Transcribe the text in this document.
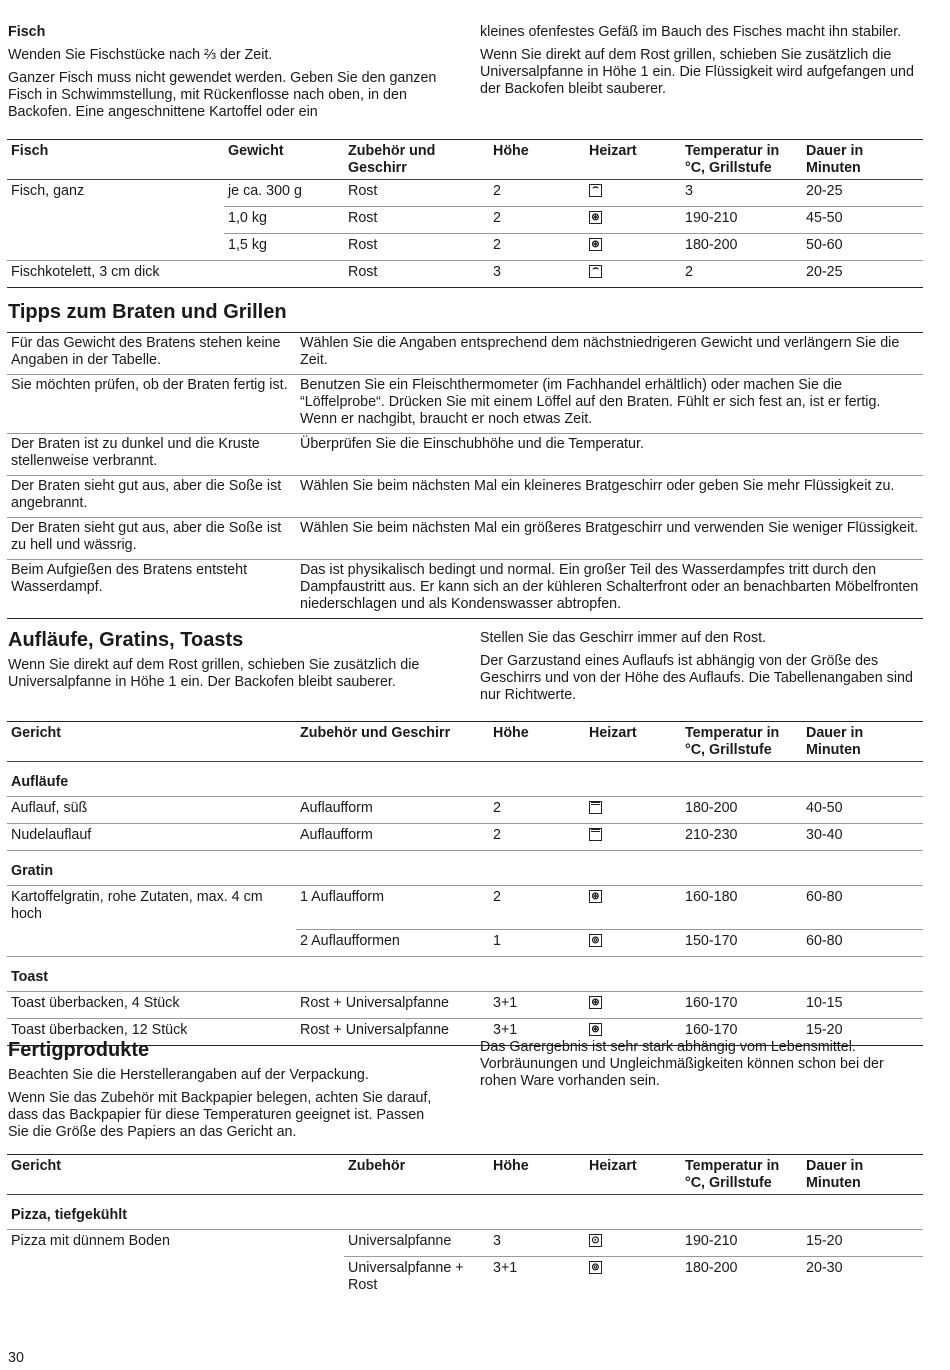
Fisch

Wenden Sie Fischstücke nach ⅔ der Zeit.

Ganzer Fisch muss nicht gewendet werden. Geben Sie den ganzen Fisch in Schwimmstellung, mit Rückenflosse nach oben, in den Backofen. Eine angeschnittene Kartoffel oder ein

kleines ofenfestes Gefäß im Bauch des Fisches macht ihn stabiler.

Wenn Sie direkt auf dem Rost grillen, schieben Sie zusätzlich die Universalpfanne in Höhe 1 ein. Die Flüssigkeit wird aufgefangen und der Backofen bleibt sauberer.

Fisch	Gewicht	Zubehör und Geschirr	Höhe	Heizart	Temperatur in °C, Grillstufe	Dauer in Minuten
Fisch, ganz	je ca. 300 g	Rost	2	⌢	3	20-25
	1,0 kg	Rost	2	⊛	190-210	45-50
	1,5 kg	Rost	2	⊛	180-200	50-60
Fischkotelett, 3 cm dick		Rost	3	⌢	2	20-25
Tipps zum Braten und Grillen
Für das Gewicht des Bratens stehen keine Angaben in der Tabelle.	Wählen Sie die Angaben entsprechend dem nächstniedrigeren Gewicht und verlängern Sie die Zeit.
Sie möchten prüfen, ob der Braten fertig ist.	Benutzen Sie ein Fleischthermometer (im Fachhandel erhältlich) oder machen Sie die “Löffelprobe“. Drücken Sie mit einem Löffel auf den Braten. Fühlt er sich fest an, ist er fertig. Wenn er nachgibt, braucht er noch etwas Zeit.
Der Braten ist zu dunkel und die Kruste stellenweise verbrannt.	Überprüfen Sie die Einschubhöhe und die Temperatur.
Der Braten sieht gut aus, aber die Soße ist angebrannt.	Wählen Sie beim nächsten Mal ein kleineres Bratgeschirr oder geben Sie mehr Flüssigkeit zu.
Der Braten sieht gut aus, aber die Soße ist zu hell und wässrig.	Wählen Sie beim nächsten Mal ein größeres Bratgeschirr und verwenden Sie weniger Flüssigkeit.
Beim Aufgießen des Bratens entsteht Wasserdampf.	Das ist physikalisch bedingt und normal. Ein großer Teil des Wasserdampfes tritt durch den Dampfaustritt aus. Er kann sich an der kühleren Schalterfront oder an benachbarten Möbelfronten niederschlagen und als Kondenswasser abtropfen.
Aufläufe, Gratins, Toasts

Wenn Sie direkt auf dem Rost grillen, schieben Sie zusätzlich die Universalpfanne in Höhe 1 ein. Der Backofen bleibt sauberer.

Stellen Sie das Geschirr immer auf den Rost.

Der Garzustand eines Auflaufs ist abhängig von der Größe des Geschirrs und von der Höhe des Auflaufs. Die Tabellenangaben sind nur Richtwerte.

Gericht	Zubehör und Geschirr	Höhe	Heizart	Temperatur in °C, Grillstufe	Dauer in Minuten
Aufläufe					
Auflauf, süß	Auflaufform	2		180-200	40-50
Nudelauflauf	Auflaufform	2		210-230	30-40
Gratin					
Kartoffelgratin, rohe Zutaten, max. 4 cm hoch	1 Auflaufform	2	⊛	160-180	60-80
	2 Auflaufformen	1	⊚	150-170	60-80
Toast					
Toast überbacken, 4 Stück	Rost + Universalpfanne	3+1	⊛	160-170	10-15
Toast überbacken, 12 Stück	Rost + Universalpfanne	3+1	⊛	160-170	15-20
Fertigprodukte

Beachten Sie die Herstellerangaben auf der Verpackung.

Wenn Sie das Zubehör mit Backpapier belegen, achten Sie darauf, dass das Backpapier für diese Temperaturen geeignet ist. Passen Sie die Größe des Papiers an das Gericht an.

Das Garergebnis ist sehr stark abhängig vom Lebensmittel. Vorbräunungen und Ungleichmäßigkeiten können schon bei der rohen Ware vorhanden sein.

Gericht	Zubehör	Höhe	Heizart	Temperatur in °C, Grillstufe	Dauer in Minuten
Pizza, tiefgekühlt					
Pizza mit dünnem Boden	Universalpfanne	3	⊙	190-210	15-20
	Universalpfanne + Rost	3+1	⊚	180-200	20-30
30
